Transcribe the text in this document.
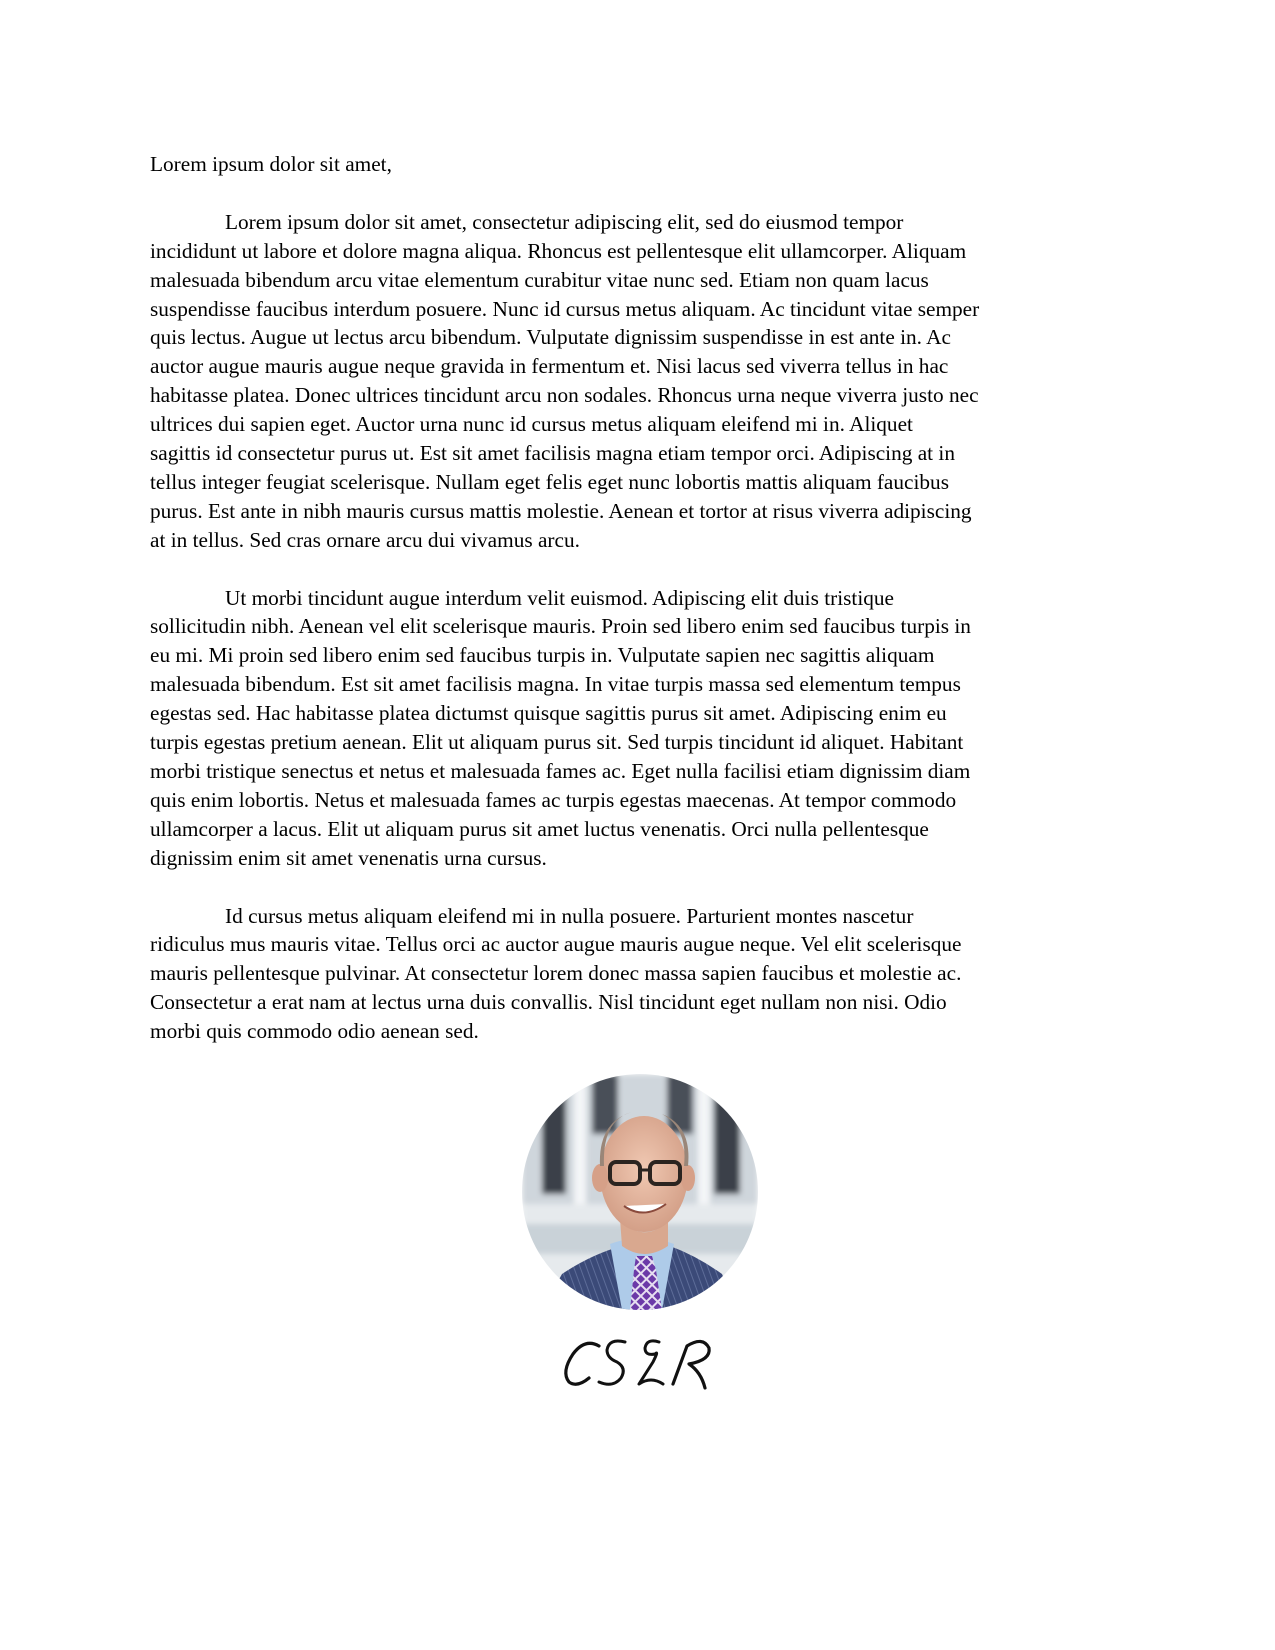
Lorem ipsum dolor sit amet,

Lorem ipsum dolor sit amet, consectetur adipiscing elit, sed do eiusmod tempor
incididunt ut labore et dolore magna aliqua. Rhoncus est pellentesque elit ullamcorper. Aliquam
malesuada bibendum arcu vitae elementum curabitur vitae nunc sed. Etiam non quam lacus
suspendisse faucibus interdum posuere. Nunc id cursus metus aliquam. Ac tincidunt vitae semper
quis lectus. Augue ut lectus arcu bibendum. Vulputate dignissim suspendisse in est ante in. Ac
auctor augue mauris augue neque gravida in fermentum et. Nisi lacus sed viverra tellus in hac
habitasse platea. Donec ultrices tincidunt arcu non sodales. Rhoncus urna neque viverra justo nec
ultrices dui sapien eget. Auctor urna nunc id cursus metus aliquam eleifend mi in. Aliquet
sagittis id consectetur purus ut. Est sit amet facilisis magna etiam tempor orci. Adipiscing at in
tellus integer feugiat scelerisque. Nullam eget felis eget nunc lobortis mattis aliquam faucibus
purus. Est ante in nibh mauris cursus mattis molestie. Aenean et tortor at risus viverra adipiscing
at in tellus. Sed cras ornare arcu dui vivamus arcu.
Ut morbi tincidunt augue interdum velit euismod. Adipiscing elit duis tristique
sollicitudin nibh. Aenean vel elit scelerisque mauris. Proin sed libero enim sed faucibus turpis in
eu mi. Mi proin sed libero enim sed faucibus turpis in. Vulputate sapien nec sagittis aliquam
malesuada bibendum. Est sit amet facilisis magna. In vitae turpis massa sed elementum tempus
egestas sed. Hac habitasse platea dictumst quisque sagittis purus sit amet. Adipiscing enim eu
turpis egestas pretium aenean. Elit ut aliquam purus sit. Sed turpis tincidunt id aliquet. Habitant
morbi tristique senectus et netus et malesuada fames ac. Eget nulla facilisi etiam dignissim diam
quis enim lobortis. Netus et malesuada fames ac turpis egestas maecenas. At tempor commodo
ullamcorper a lacus. Elit ut aliquam purus sit amet luctus venenatis. Orci nulla pellentesque
dignissim enim sit amet venenatis urna cursus.
Id cursus metus aliquam eleifend mi in nulla posuere. Parturient montes nascetur
ridiculus mus mauris vitae. Tellus orci ac auctor augue mauris augue neque. Vel elit scelerisque
mauris pellentesque pulvinar. At consectetur lorem donec massa sapien faucibus et molestie ac.
Consectetur a erat nam at lectus urna duis convallis. Nisl tincidunt eget nullam non nisi. Odio
morbi quis commodo odio aenean sed.
